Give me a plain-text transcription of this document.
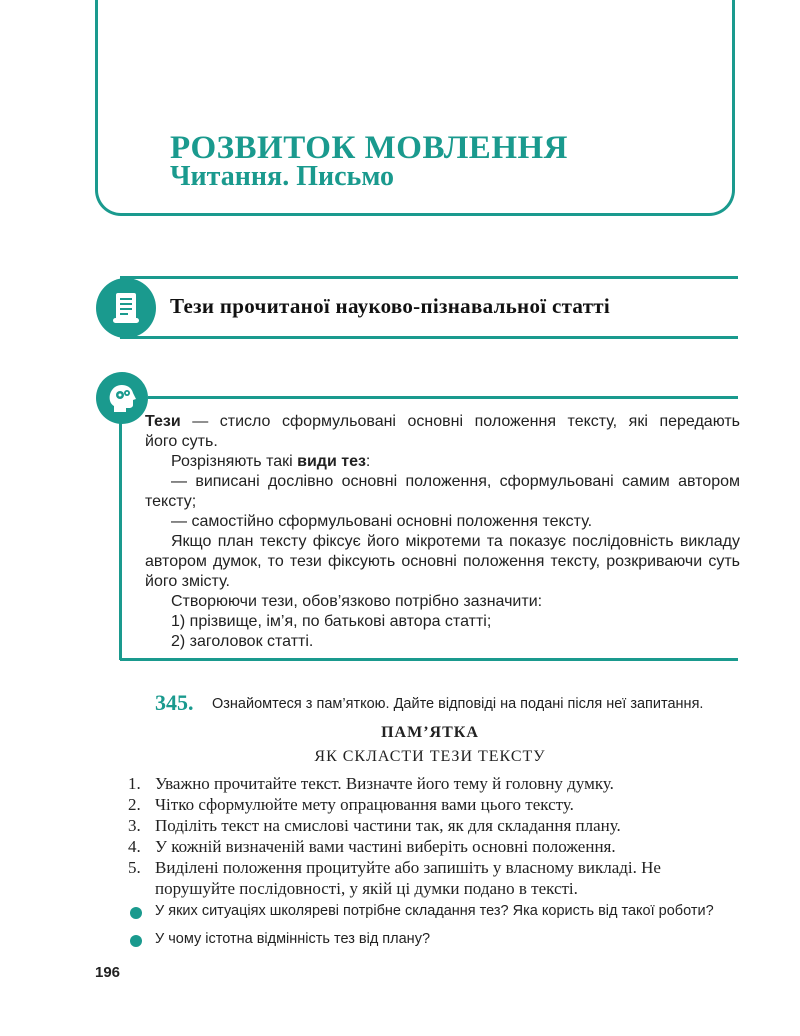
РОЗВИТОК МОВЛЕННЯ
Читання. Письмо
Тези прочитаної науково-пізнавальної статті
Тези — стисло сформульовані основні положення тексту, які передають
його суть.
Розрізняють такі види тез:
— виписані дослівно основні положення, сформульовані самим автором
тексту;
— самостійно сформульовані основні положення тексту.
Якщо план тексту фіксує його мікротеми та показує послідовність викладу
автором думок, то тези фіксують основні положення тексту, розкриваючи суть
його змісту.
Створюючи тези, обов’язково потрібно зазначити:
1) прізвище, ім’я, по батькові автора статті;
2) заголовок статті.
345. Ознайомтеся з пам’яткою. Дайте відповіді на подані після неї запитання.
ПАМ’ЯТКА
ЯК СКЛАСТИ ТЕЗИ ТЕКСТУ
1. Уважно прочитайте текст. Визначте його тему й головну думку.
2. Чітко сформулюйте мету опрацювання вами цього тексту.
3. Поділіть текст на смислові частини так, як для складання плану.
4. У кожній визначеній вами частині виберіть основні положення.
5. Виділені положення процитуйте або запишіть у власному викладі. Не
порушуйте послідовності, у якій ці думки подано в тексті.
У яких ситуаціях школяреві потрібне складання тез? Яка користь від такої роботи?
У чому істотна відмінність тез від плану?
196
